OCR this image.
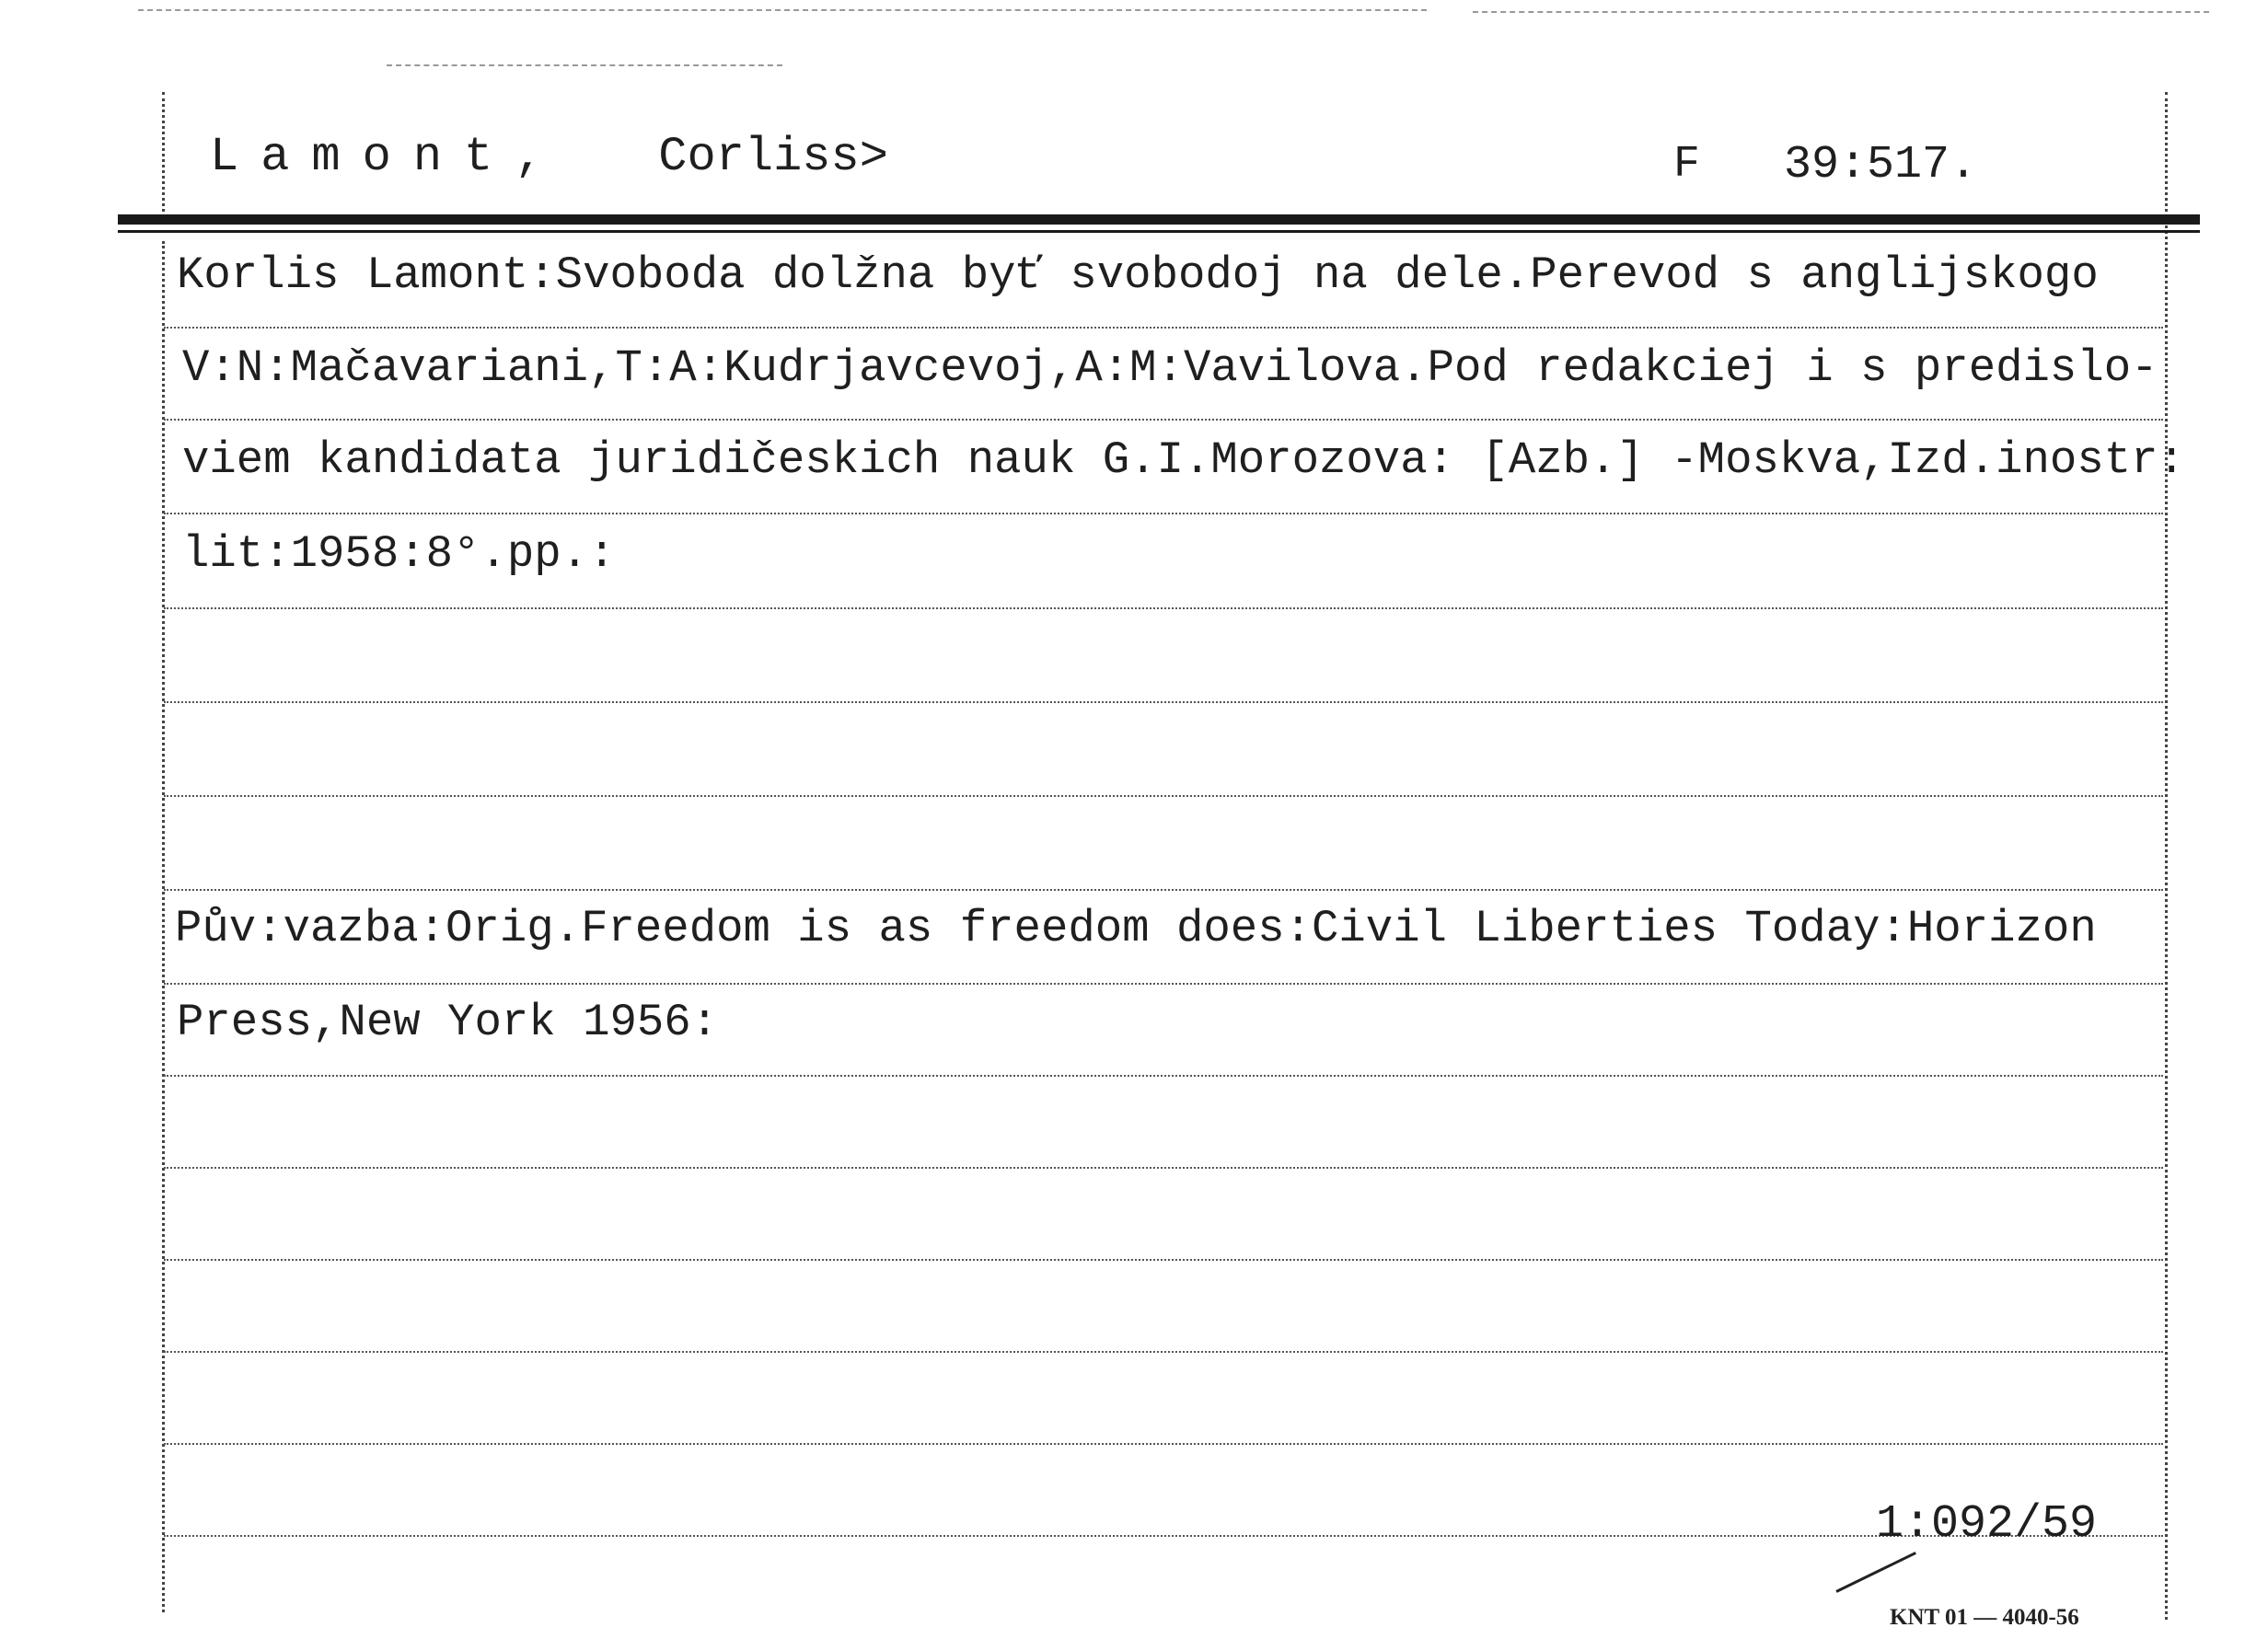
Lamont, Corliss>	F 39:517.
Korlis Lamont:Svoboda dolžna byť svobodoj na dele.Perevod s anglijskogo
V:N:Mačavariani,T:A:Kudrjavcevoj,A:M:Vavilova.Pod redakciej i s predislo-
viem kandidata juridičeskich nauk G.I.Morozova: [Azb.] -Moskva,Izd.inostr:
lit:1958:8°.pp.:
Pův:vazba:Orig.Freedom is as freedom does:Civil Liberties Today:Horizon
Press,New York 1956:
1:092/59
KNT 01 — 4040-56
